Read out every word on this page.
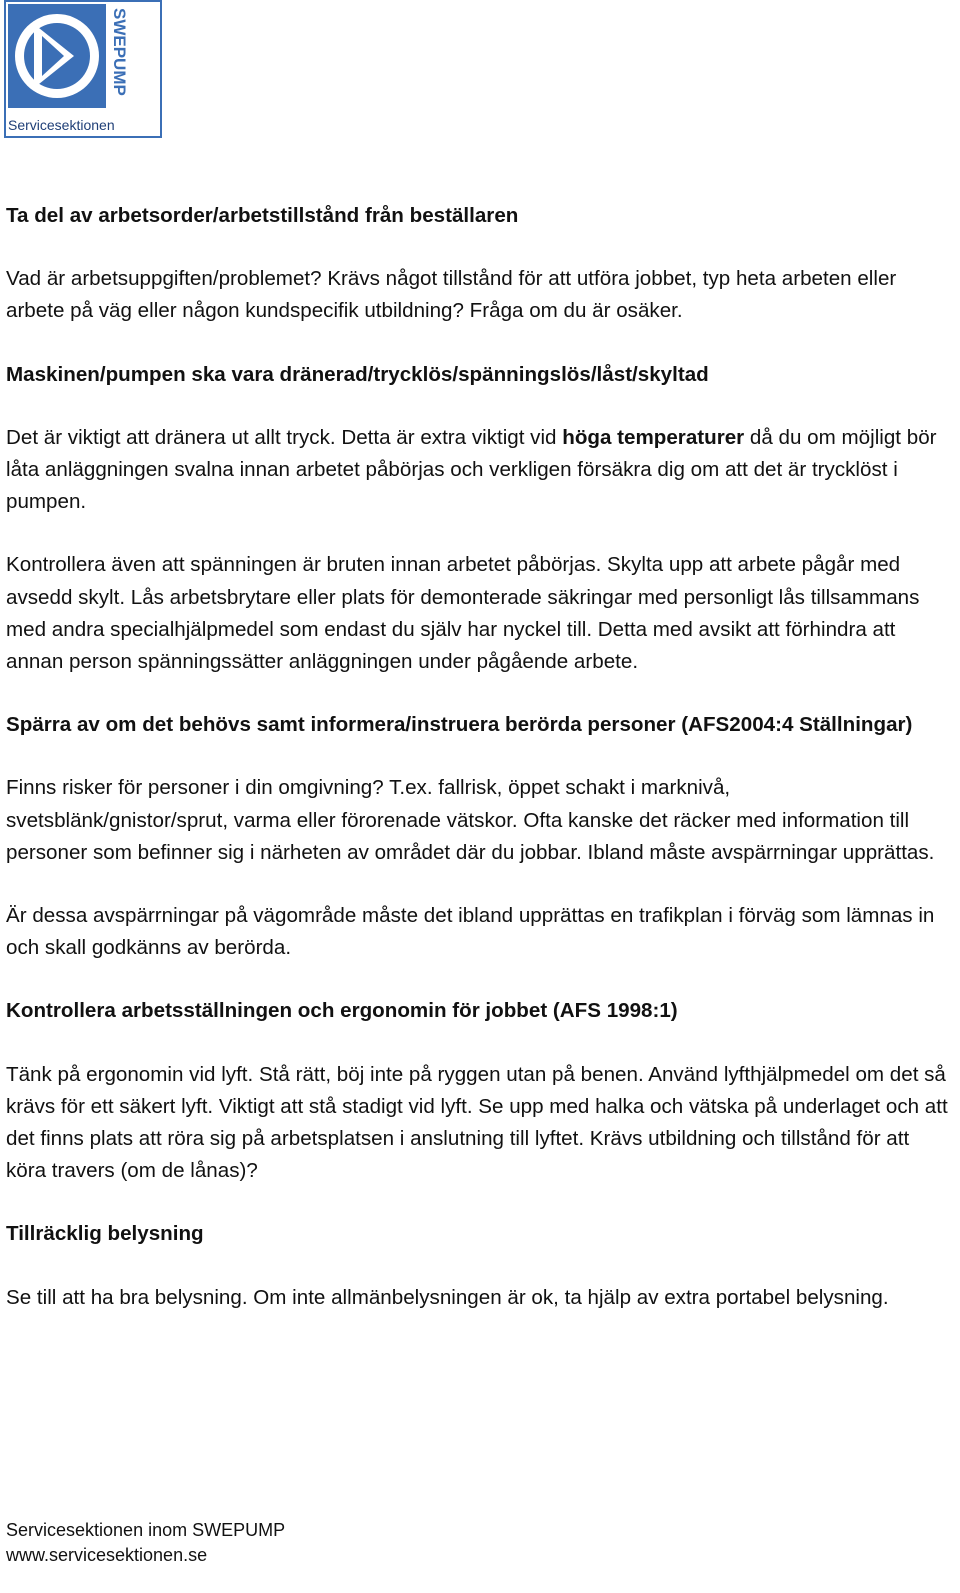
SWEPUMP
Servicesektionen

Ta del av arbetsorder/arbetstillstånd från beställaren

Vad är arbetsuppgiften/problemet? Krävs något tillstånd för att utföra jobbet, typ heta arbeten eller arbete på väg eller någon kundspecifik utbildning? Fråga om du är osäker.

Maskinen/pumpen ska vara dränerad/trycklös/spänningslös/låst/skyltad

Det är viktigt att dränera ut allt tryck. Detta är extra viktigt vid höga temperaturer då du om möjligt bör låta anläggningen svalna innan arbetet påbörjas och verkligen försäkra dig om att det är trycklöst i pumpen.

Kontrollera även att spänningen är bruten innan arbetet påbörjas. Skylta upp att arbete pågår med avsedd skylt. Lås arbetsbrytare eller plats för demonterade säkringar med personligt lås tillsammans med andra specialhjälpmedel som endast du själv har nyckel till. Detta med avsikt att förhindra att annan person spänningssätter anläggningen under pågående arbete.

Spärra av om det behövs samt informera/instruera berörda personer (AFS2004:4 Ställningar)

Finns risker för personer i din omgivning? T.ex. fallrisk, öppet schakt i marknivå, svetsblänk/gnistor/sprut, varma eller förorenade vätskor. Ofta kanske det räcker med information till personer som befinner sig i närheten av området där du jobbar. Ibland måste avspärrningar upprättas.

Är dessa avspärrningar på vägområde måste det ibland upprättas en trafikplan i förväg som lämnas in och skall godkänns av berörda.

Kontrollera arbetsställningen och ergonomin för jobbet (AFS 1998:1)

Tänk på ergonomin vid lyft. Stå rätt, böj inte på ryggen utan på benen. Använd lyfthjälpmedel om det så krävs för ett säkert lyft. Viktigt att stå stadigt vid lyft. Se upp med halka och vätska på underlaget och att det finns plats att röra sig på arbetsplatsen i anslutning till lyftet. Krävs utbildning och tillstånd för att köra travers (om de lånas)?

Tillräcklig belysning

Se till att ha bra belysning. Om inte allmänbelysningen är ok, ta hjälp av extra portabel belysning.

Servicesektionen inom SWEPUMP

www.servicesektionen.se
